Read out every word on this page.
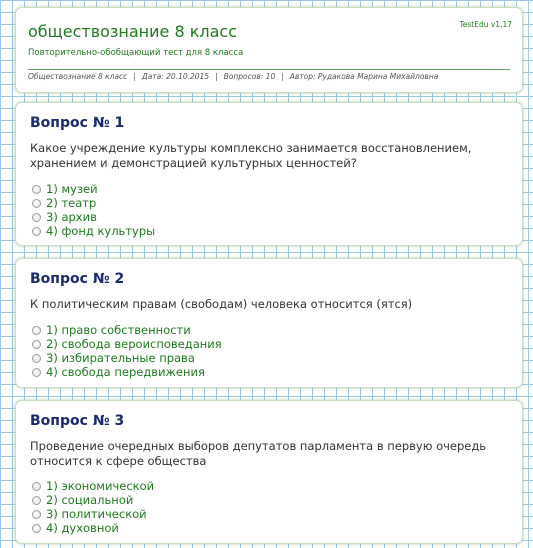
обществознание 8 класс	TestEdu v1.17
Повторительно-обобщающий тест для 8 класса
Обществознание 8 класс | Дата: 20.10.2015 | Вопросов: 10 | Автор: Рудакова Марина Михайловна
Вопрос № 1
Какое учреждение культуры комплексно занимается восстановлением, хранением и демонстрацией культурных ценностей?
1) музей
2) театр
3) архив
4) фонд культуры
Вопрос № 2
К политическим правам (свободам) человека относится (ятся)
1) право собственности
2) свобода вероисповедания
3) избирательные права
4) свобода передвижения
Вопрос № 3
Проведение очередных выборов депутатов парламента в первую очередь относится к сфере общества
1) экономической
2) социальной
3) политической
4) духовной
